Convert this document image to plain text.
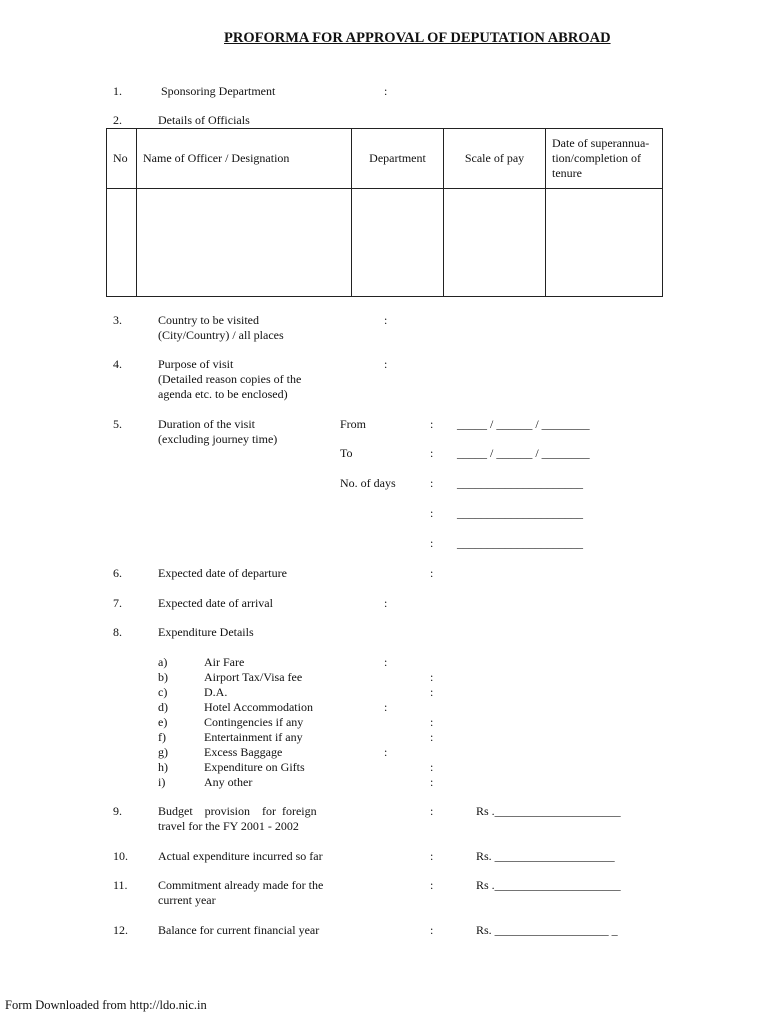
PROFORMA FOR APPROVAL OF DEPUTATION ABROAD
1.	Sponsoring Department	:
2.	Details of Officials
No	Name of Officer / Designation	Department	Scale of pay	Date of superannua-
tion/completion of
tenure

3.	Country to be visited
(City/Country) / all places
:
4.	Purpose of visit
(Detailed reason copies of the
agenda etc. to be enclosed)
:
5.	Duration of the visit
(excluding journey time)
From	: _____ / ______ / ________
To	: _____ / ______ / ________
No. of days	: _____________________
: _____________________
: _____________________
6.	Expected date of departure	:
7.	Expected date of arrival	:
8.	Expenditure Details
a)	Air Fare	:
b)	Airport Tax/Visa fee	:
c)	D.A.	:
d)	Hotel Accommodation	:
e)	Contingencies if any	:
f)	Entertainment if any	:
g)	Excess Baggage	:
h)	Expenditure on Gifts	:
i)	Any other	:
9.	Budget    provision    for  foreign
travel for the FY 2001 - 2002
:	Rs ._____________________
10.	Actual expenditure incurred so far	:	Rs. ____________________
11.	Commitment already made for the
current year
:	Rs ._____________________
12.	Balance for current financial year	:	Rs. ___________________ _
Form Downloaded from http://ldo.nic.in
